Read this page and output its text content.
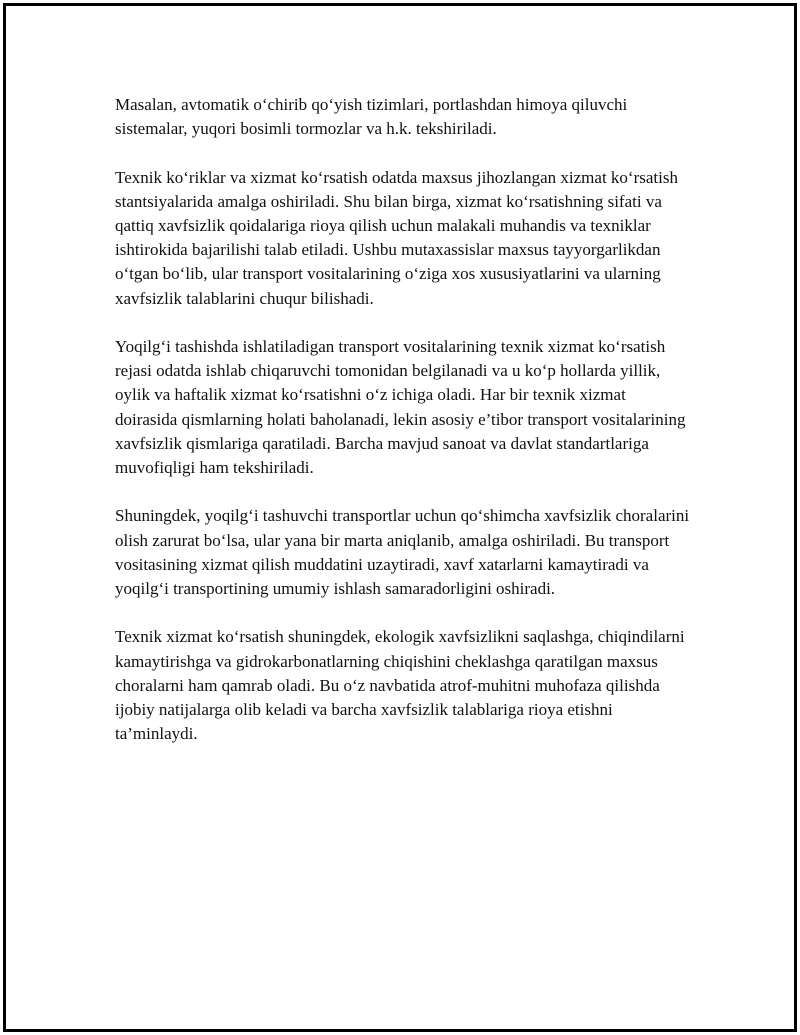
Masalan, avtomatik o‘chirib qo‘yish tizimlari, portlashdan himoya qiluvchi sistemalar, yuqori bosimli tormozlar va h.k. tekshiriladi.

Texnik ko‘riklar va xizmat ko‘rsatish odatda maxsus jihozlangan xizmat ko‘rsatish stantsiyalarida amalga oshiriladi. Shu bilan birga, xizmat ko‘rsatishning sifati va qattiq xavfsizlik qoidalariga rioya qilish uchun malakali muhandis va texniklar ishtirokida bajarilishi talab etiladi. Ushbu mutaxassislar maxsus tayyorgarlikdan o‘tgan bo‘lib, ular transport vositalarining o‘ziga xos xususiyatlarini va ularning xavfsizlik talablarini chuqur bilishadi.

Yoqilg‘i tashishda ishlatiladigan transport vositalarining texnik xizmat ko‘rsatish rejasi odatda ishlab chiqaruvchi tomonidan belgilanadi va u ko‘p hollarda yillik, oylik va haftalik xizmat ko‘rsatishni o‘z ichiga oladi. Har bir texnik xizmat doirasida qismlarning holati baholanadi, lekin asosiy e’tibor transport vositalarining xavfsizlik qismlariga qaratiladi. Barcha mavjud sanoat va davlat standartlariga muvofiqligi ham tekshiriladi.

Shuningdek, yoqilg‘i tashuvchi transportlar uchun qo‘shimcha xavfsizlik choralarini olish zarurat bo‘lsa, ular yana bir marta aniqlanib, amalga oshiriladi. Bu transport vositasining xizmat qilish muddatini uzaytiradi, xavf xatarlarni kamaytiradi va yoqilg‘i transportining umumiy ishlash samaradorligini oshiradi.

Texnik xizmat ko‘rsatish shuningdek, ekologik xavfsizlikni saqlashga, chiqindilarni kamaytirishga va gidrokarbonatlarning chiqishini cheklashga qaratilgan maxsus choralarni ham qamrab oladi. Bu o‘z navbatida atrof-muhitni muhofaza qilishda ijobiy natijalarga olib keladi va barcha xavfsizlik talablariga rioya etishni ta’minlaydi.
